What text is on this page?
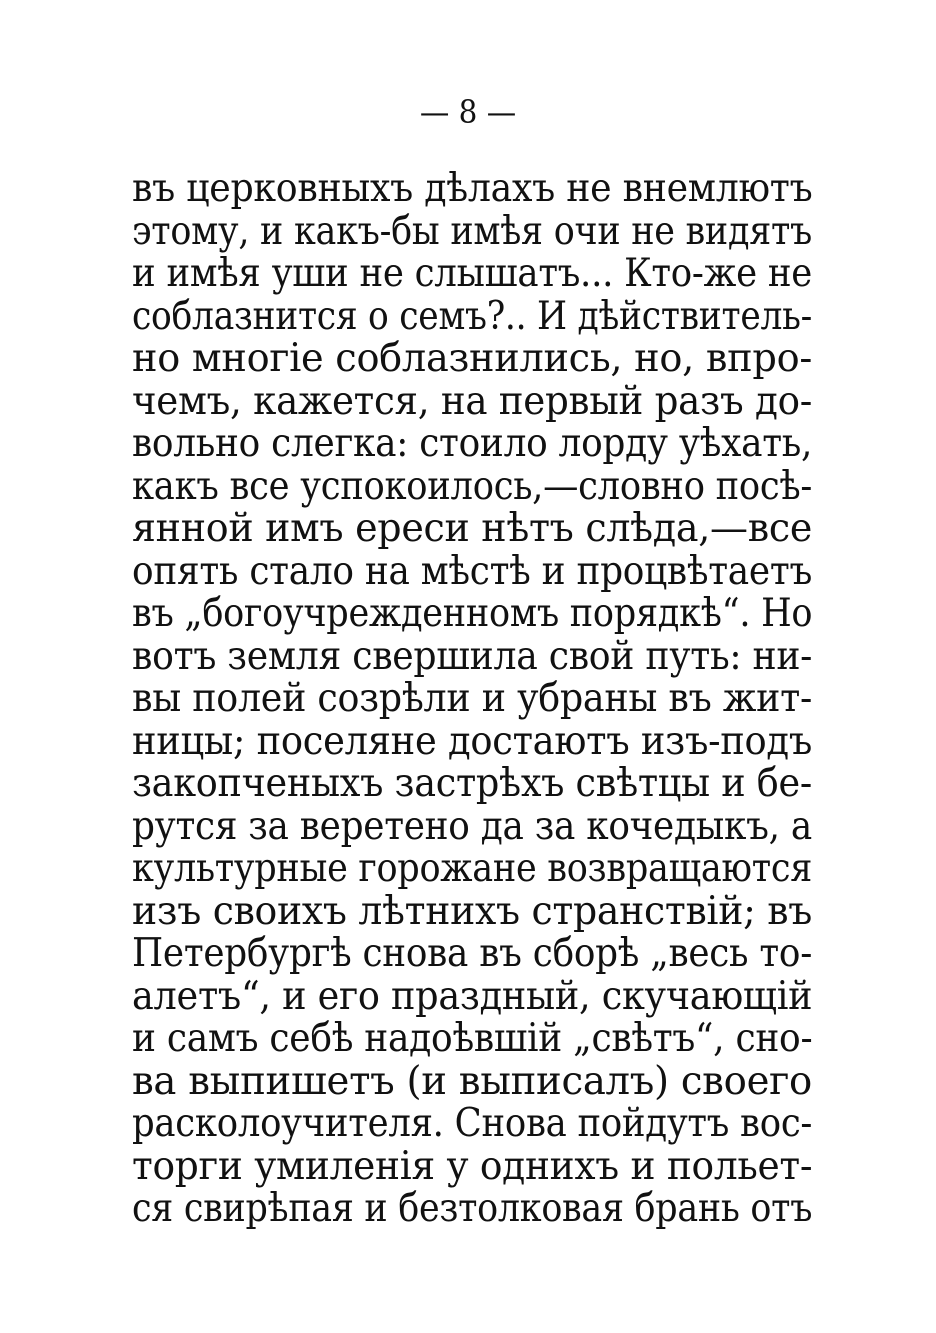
— 8 —
въ церковныхъ дѣлахъ не внемлютъ
этому, и какъ-бы имѣя очи не видятъ
и имѣя уши не слышатъ... Кто-же не
соблазнится о семъ?.. И дѣйствитель-
но многіе соблазнились, но, впро-
чемъ, кажется, на первый разъ до-
вольно слегка: стоило лорду уѣхать,
какъ все успокоилось,—словно посѣ-
янной имъ ереси нѣтъ слѣда,—все
опять стало на мѣстѣ и процвѣтаетъ
въ „богоучрежденномъ порядкѣ“. Но
вотъ земля свершила свой путь: ни-
вы полей созрѣли и убраны въ жит-
ницы; поселяне достаютъ изъ-подъ
закопченыхъ застрѣхъ свѣтцы и бе-
рутся за веретено да за кочедыкъ, а
культурные горожане возвращаются
изъ своихъ лѣтнихъ странствій; въ
Петербургѣ снова въ сборѣ „весь то-
алетъ“, и его праздный, скучающій
и самъ себѣ надоѣвшій „свѣтъ“, сно-
ва выпишетъ (и выписалъ) своего
расколоучителя. Снова пойдутъ вос-
торги умиленія у однихъ и польет-
ся свирѣпая и безтолковая брань отъ
